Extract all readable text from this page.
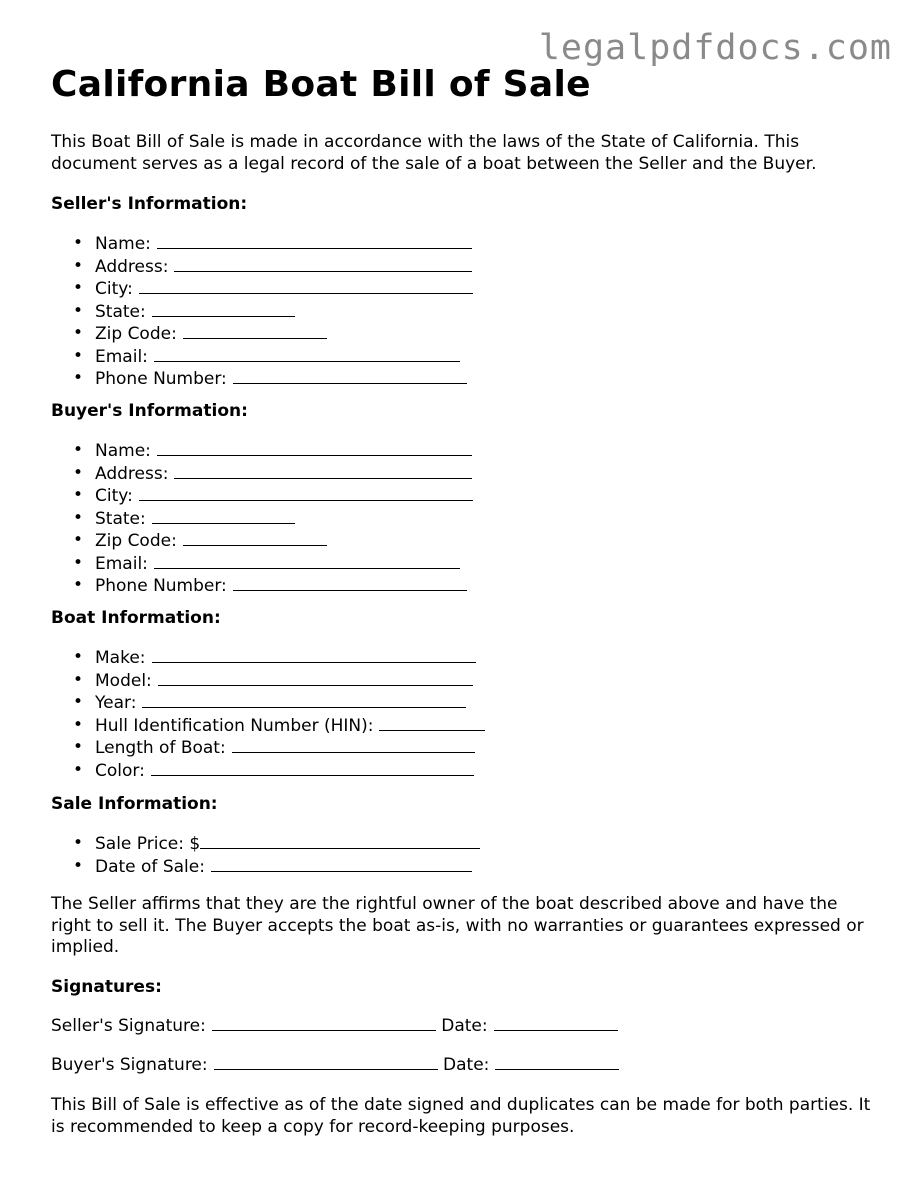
legalpdfdocs.com
California Boat Bill of Sale

This Boat Bill of Sale is made in accordance with the laws of the State of California. This document serves as a legal record of the sale of a boat between the Seller and the Buyer.

Seller's Information:

• Name:
• Address:
• City:
• State:
• Zip Code:
• Email:
• Phone Number:

Buyer's Information:

• Name:
• Address:
• City:
• State:
• Zip Code:
• Email:
• Phone Number:

Boat Information:

• Make:
• Model:
• Year:
• Hull Identification Number (HIN):
• Length of Boat:
• Color:

Sale Information:

• Sale Price: $
• Date of Sale:

The Seller affirms that they are the rightful owner of the boat described above and have the right to sell it. The Buyer accepts the boat as-is, with no warranties or guarantees expressed or implied.

Signatures:

Seller's Signature:	Date:
Buyer's Signature:	Date:

This Bill of Sale is effective as of the date signed and duplicates can be made for both parties. It is recommended to keep a copy for record-keeping purposes.
